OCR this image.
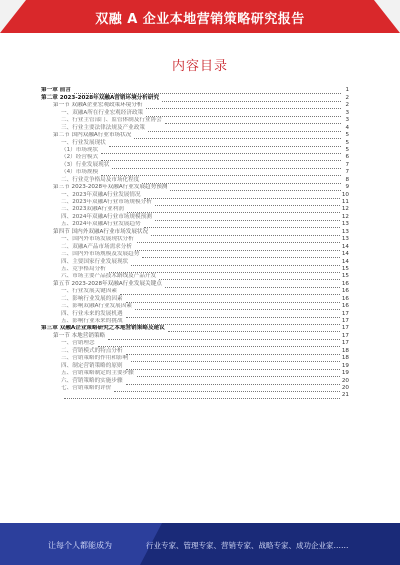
双融 A 企业本地营销策略研究报告
内容目录
第一章 前言	1
第二章 2023-2028年双融A营销环境分析研究	2
第一节 双融A企业宏观政策环境分析	2
一、双融A所在行业宏观经济政策	3
二、行业主管部门、监管体制及行业协会	3
三、行业主要法律法规及产业政策	4
第二节 国内双融A行业市场状况	5
一、行业发展现状	5
（1）市场现状	5
（2）经营模式	6
（3）行业发展现状	7
（4）市场规模	7
二、行业竞争格局及市场化程度	8
第三节 2023-2028年双融A行业发展趋势预测	9
一、2023年双融A行业发展情况	10
二、2023年双融A行业市场规模分析	11
三、2023双融A行业利润	12
四、2024年双融A行业市场规模预测	12
五、2024年双融A行业发展趋势	13
第四节 国内外双融A行业市场发展状况	13
一、国内外市场发展现状分析	13
二、双融A产品市场需求分析	14
三、国内外市场规模及发展趋势	14
四、主要国家行业发展现状	14
五、竞争格局分析	15
六、市场主要产品技术路线及产品开发	15
第五节 2023-2028年双融A行业发展关键点	16
一、行业发展关键因素	16
二、影响行业发展的因素	16
三、影响双融A行业发展因素	16
四、行业未来的发展机遇	17
五、影响行业未来的挑战	17
第三章 双融A企业策略研究之本地营销策略及建议	17
第一节 本地营销策略	17
一、营销理念	17
二、营销模式的特点分析	18
三、营销策略的作用和影响	18
四、制定营销策略的原则	19
五、营销策略制定的主要步骤	19
六、营销策略的实施步骤	20
七、营销策略的评价	20
21
让每个人都能成为	行业专家、管理专家、营销专家、战略专家、成功企业家……
